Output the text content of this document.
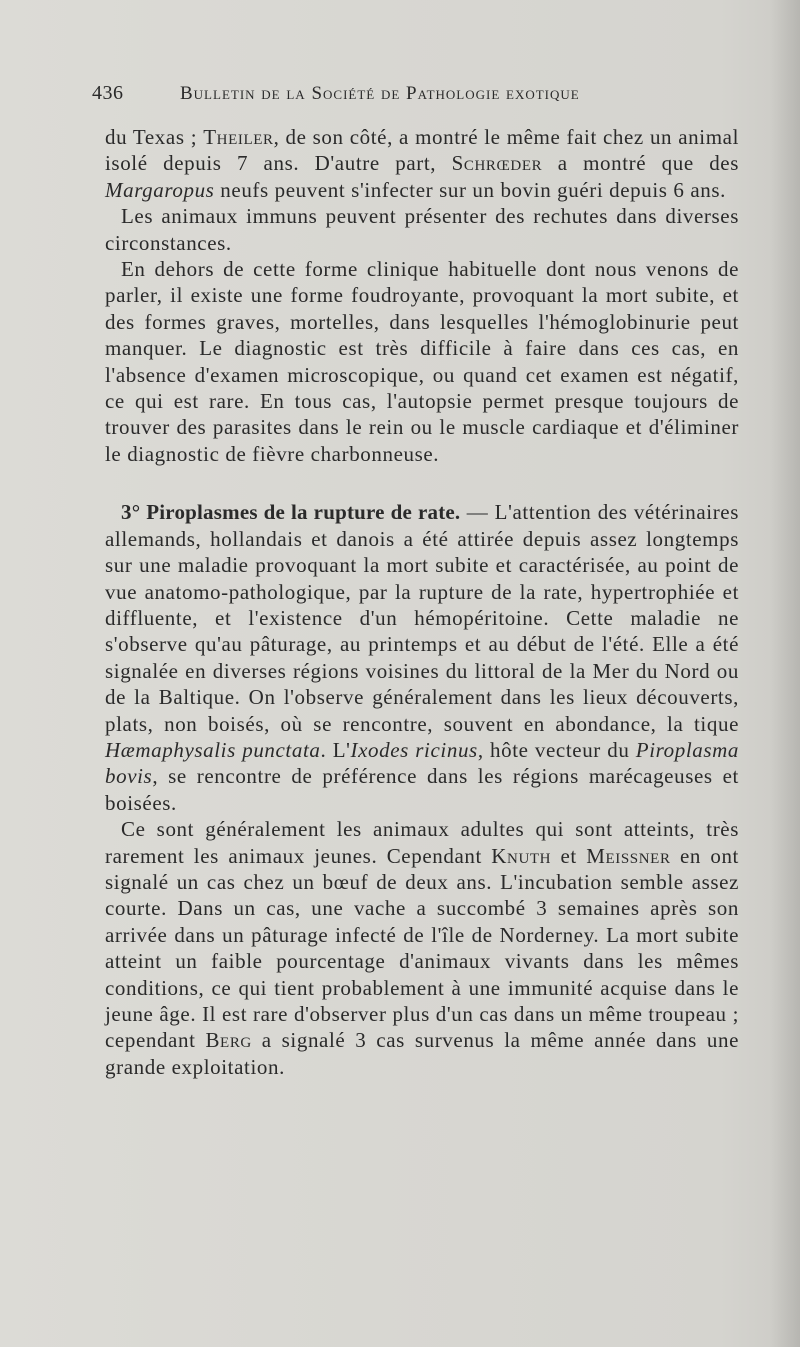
436	Bulletin de la Société de Pathologie exotique

du Texas ; Theiler, de son côté, a montré le même fait chez un animal isolé depuis 7 ans. D'autre part, Schrœder a montré que des Margaropus neufs peuvent s'infecter sur un bovin guéri depuis 6 ans.

Les animaux immuns peuvent présenter des rechutes dans diverses circonstances.

En dehors de cette forme clinique habituelle dont nous venons de parler, il existe une forme foudroyante, provoquant la mort subite, et des formes graves, mortelles, dans lesquelles l'hémoglobinurie peut manquer. Le diagnostic est très difficile à faire dans ces cas, en l'absence d'examen microscopique, ou quand cet examen est négatif, ce qui est rare. En tous cas, l'autopsie permet presque toujours de trouver des parasites dans le rein ou le muscle cardiaque et d'éliminer le diagnostic de fièvre charbonneuse.

3° Piroplasmes de la rupture de rate. — L'attention des vétérinaires allemands, hollandais et danois a été attirée depuis assez longtemps sur une maladie provoquant la mort subite et caractérisée, au point de vue anatomo-pathologique, par la rupture de la rate, hypertrophiée et diffluente, et l'existence d'un hémopéritoine. Cette maladie ne s'observe qu'au pâturage, au printemps et au début de l'été. Elle a été signalée en diverses régions voisines du littoral de la Mer du Nord ou de la Baltique. On l'observe généralement dans les lieux découverts, plats, non boisés, où se rencontre, souvent en abondance, la tique Hæmaphysalis punctata. L'Ixodes ricinus, hôte vecteur du Piroplasma bovis, se rencontre de préférence dans les régions marécageuses et boisées.

Ce sont généralement les animaux adultes qui sont atteints, très rarement les animaux jeunes. Cependant Knuth et Meissner en ont signalé un cas chez un bœuf de deux ans. L'incubation semble assez courte. Dans un cas, une vache a succombé 3 semaines après son arrivée dans un pâturage infecté de l'île de Norderney. La mort subite atteint un faible pourcentage d'animaux vivants dans les mêmes conditions, ce qui tient probablement à une immunité acquise dans le jeune âge. Il est rare d'observer plus d'un cas dans un même troupeau ; cependant Berg a signalé 3 cas survenus la même année dans une grande exploitation.
